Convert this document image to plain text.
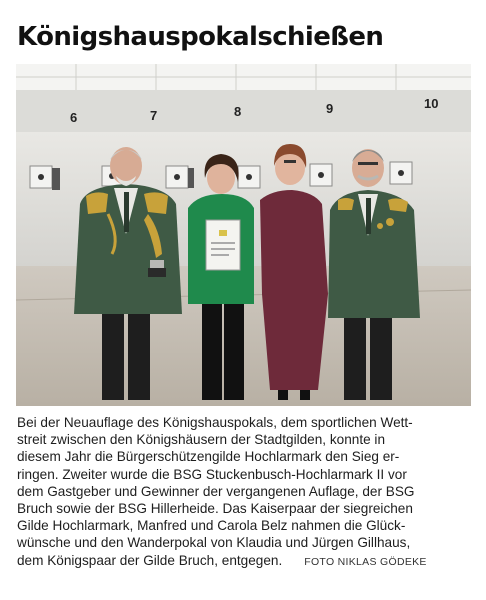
Königshauspokalschießen
6	7	8	9	10

Bei der Neuauflage des Königshauspokals, dem sportlichen Wett-
streit zwischen den Königshäusern der Stadtgilden, konnte in
diesem Jahr die Bürgerschützengilde Hochlarmark den Sieg er-
ringen. Zweiter wurde die BSG Stuckenbusch-Hochlarmark II vor
dem Gastgeber und Gewinner der vergangenen Auflage, der BSG
Bruch sowie der BSG Hillerheide. Das Kaiserpaar der siegreichen
Gilde Hochlarmark, Manfred und Carola Belz nahmen die Glück-
wünsche und den Wanderpokal von Klaudia und Jürgen Gillhaus,
dem Königspaar der Gilde Bruch, entgegen. FOTO NIKLAS GÖDEKE
